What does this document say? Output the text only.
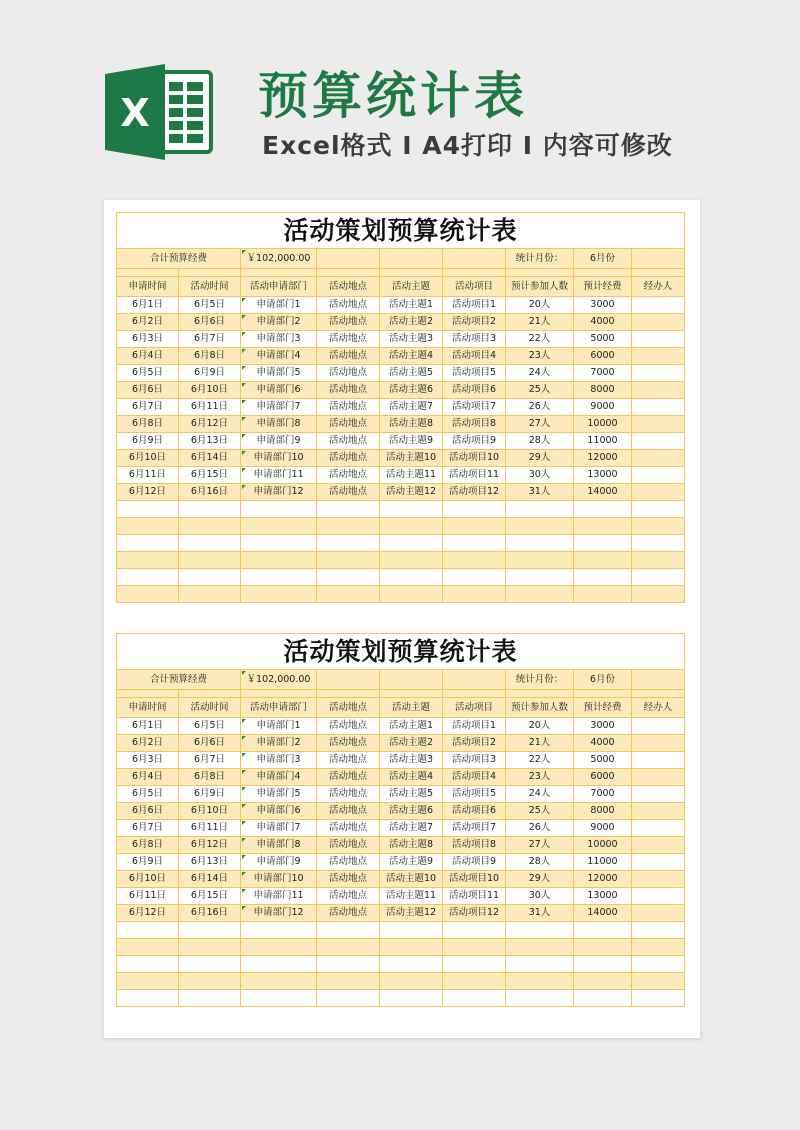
X 预算统计表
Excel格式 Ⅰ A4打印 Ⅰ 内容可修改
活动策划预算统计表								
合计预算经费		￥102,000.00				统计月份：	6月份	

申请时间	活动时间	活动申请部门	活动地点	活动主题	活动项目	预计参加人数	预计经费	经办人
6月1日	6月5日	申请部门1	活动地点	活动主题1	活动项目1	20人	3000	
6月2日	6月6日	申请部门2	活动地点	活动主题2	活动项目2	21人	4000	
6月3日	6月7日	申请部门3	活动地点	活动主题3	活动项目3	22人	5000	
6月4日	6月8日	申请部门4	活动地点	活动主题4	活动项目4	23人	6000	
6月5日	6月9日	申请部门5	活动地点	活动主题5	活动项目5	24人	7000	
6月6日	6月10日	申请部门6	活动地点	活动主题6	活动项目6	25人	8000	
6月7日	6月11日	申请部门7	活动地点	活动主题7	活动项目7	26人	9000	
6月8日	6月12日	申请部门8	活动地点	活动主题8	活动项目8	27人	10000	
6月9日	6月13日	申请部门9	活动地点	活动主题9	活动项目9	28人	11000	
6月10日	6月14日	申请部门10	活动地点	活动主题10	活动项目10	29人	12000	
6月11日	6月15日	申请部门11	活动地点	活动主题11	活动项目11	30人	13000	
6月12日	6月16日	申请部门12	活动地点	活动主题12	活动项目12	31人	14000	

活动策划预算统计表								
合计预算经费		￥102,000.00				统计月份：	6月份	

申请时间	活动时间	活动申请部门	活动地点	活动主题	活动项目	预计参加人数	预计经费	经办人
6月1日	6月5日	申请部门1	活动地点	活动主题1	活动项目1	20人	3000	
6月2日	6月6日	申请部门2	活动地点	活动主题2	活动项目2	21人	4000	
6月3日	6月7日	申请部门3	活动地点	活动主题3	活动项目3	22人	5000	
6月4日	6月8日	申请部门4	活动地点	活动主题4	活动项目4	23人	6000	
6月5日	6月9日	申请部门5	活动地点	活动主题5	活动项目5	24人	7000	
6月6日	6月10日	申请部门6	活动地点	活动主题6	活动项目6	25人	8000	
6月7日	6月11日	申请部门7	活动地点	活动主题7	活动项目7	26人	9000	
6月8日	6月12日	申请部门8	活动地点	活动主题8	活动项目8	27人	10000	
6月9日	6月13日	申请部门9	活动地点	活动主题9	活动项目9	28人	11000	
6月10日	6月14日	申请部门10	活动地点	活动主题10	活动项目10	29人	12000	
6月11日	6月15日	申请部门11	活动地点	活动主题11	活动项目11	30人	13000	
6月12日	6月16日	申请部门12	活动地点	活动主题12	活动项目12	31人	14000	
